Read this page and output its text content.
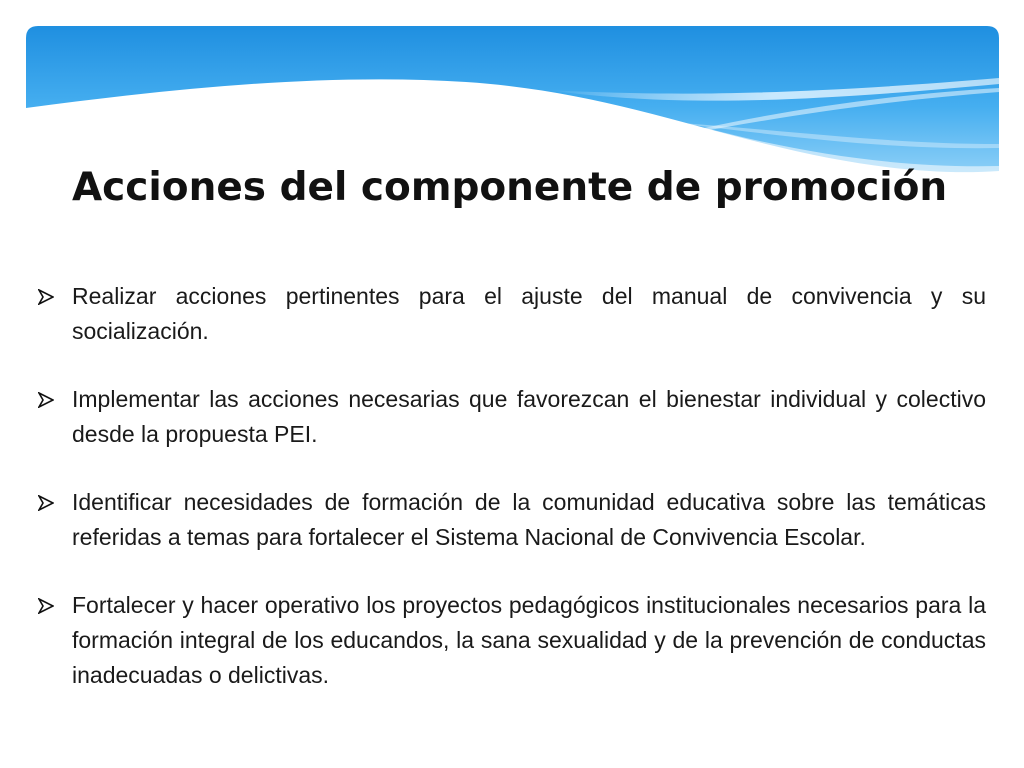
Acciones del componente de promoción
Realizar acciones pertinentes para el ajuste del manual de convivencia y su socialización.
Implementar las acciones necesarias que favorezcan el bienestar individual y colectivo desde la propuesta PEI.
Identificar necesidades de formación de la comunidad educativa sobre las temáticas referidas a temas para fortalecer el Sistema Nacional de Convivencia Escolar.
Fortalecer y hacer operativo los proyectos pedagógicos institucionales necesarios para la formación integral de los educandos, la sana sexualidad y de la prevención de conductas inadecuadas o delictivas.
